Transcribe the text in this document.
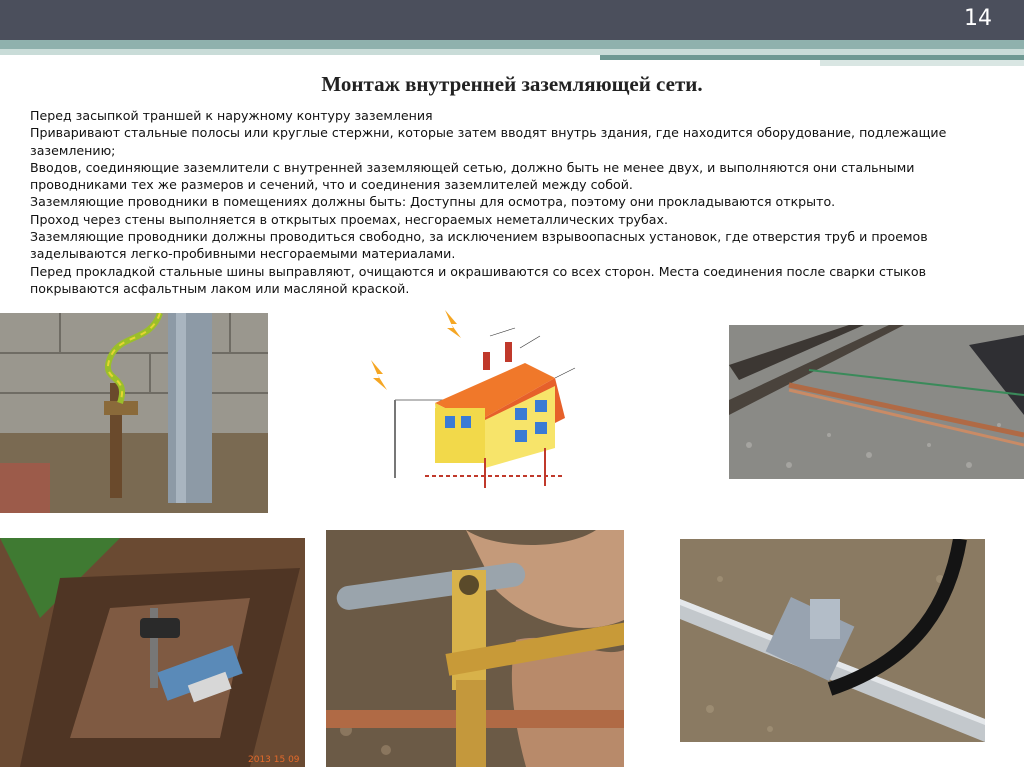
14
Монтаж внутренней заземляющей сети.

Перед засыпкой траншей к наружному контуру заземления

Приваривают стальные полосы или круглые стержни, которые затем вводят внутрь здания, где находится оборудование, подлежащие заземлению;

Вводов, соединяющие заземлители с внутренней заземляющей сетью, должно быть не менее двух, и выполняются они стальными проводниками тех же размеров и сечений, что и соединения заземлителей между собой.

Заземляющие проводники в помещениях должны быть: Доступны для осмотра, поэтому они прокладываются открыто.

Проход через стены выполняется в открытых проемах, несгораемых неметаллических трубах.

Заземляющие проводники должны проводиться свободно, за исключением взрывоопасных установок, где отверстия труб и проемов заделываются легко-пробивными несгораемыми материалами.

Перед прокладкой стальные шины выправляют, очищаются и окрашиваются со всех сторон. Места соединения после сварки стыков покрываются асфальтным лаком или масляной краской.

2013 15 09
